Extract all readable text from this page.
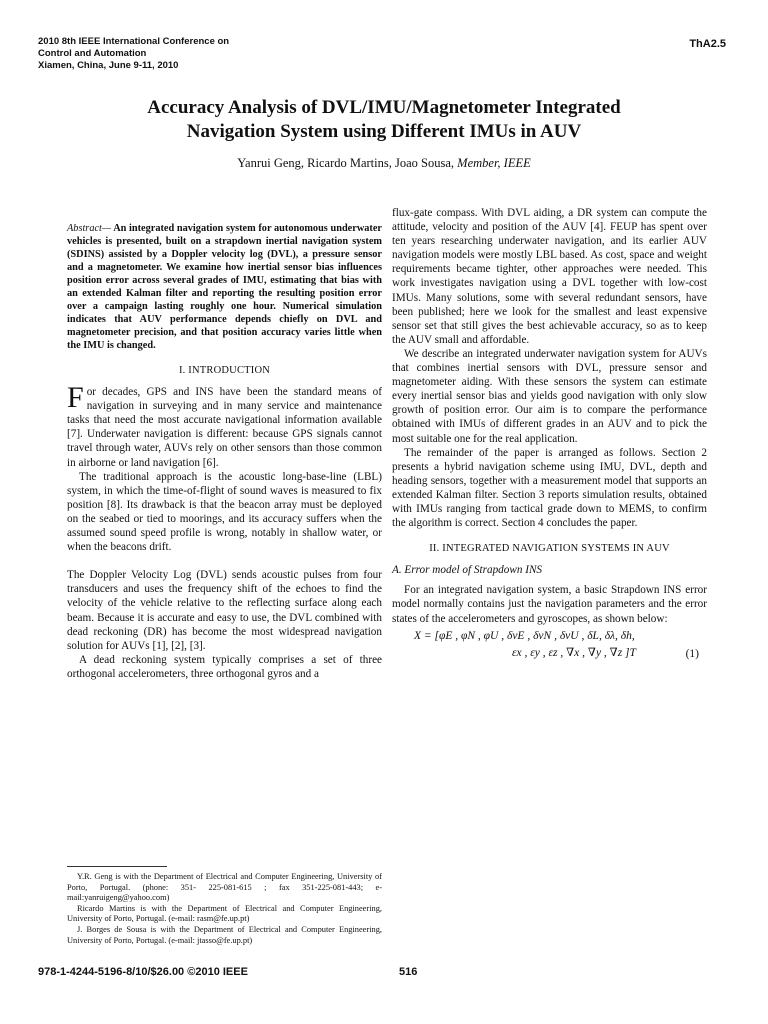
2010 8th IEEE International Conference on
Control and Automation
Xiamen, China, June 9-11, 2010
ThA2.5
Accuracy Analysis of DVL/IMU/Magnetometer Integrated
Navigation System using Different IMUs in AUV
Yanrui Geng, Ricardo Martins, Joao Sousa, Member, IEEE
Abstract— An integrated navigation system for autonomous underwater vehicles is presented, built on a strapdown inertial navigation system (SDINS) assisted by a Doppler velocity log (DVL), a pressure sensor and a magnetometer. We examine how inertial sensor bias influences position error across several grades of IMU, estimating that bias with an extended Kalman filter and reporting the resulting position error over a campaign lasting roughly one hour. Numerical simulation indicates that AUV performance depends chiefly on DVL and magnetometer precision, and that position accuracy varies little when the IMU is changed.
I. INTRODUCTION
F or decades, GPS and INS have been the standard means of navigation in surveying and in many service and maintenance tasks that need the most accurate navigational information available [7]. Underwater navigation is different: because GPS signals cannot travel through water, AUVs rely on other sensors than those common in airborne or land navigation [6].

The traditional approach is the acoustic long-base-line (LBL) system, in which the time-of-flight of sound waves is measured to fix position [8]. Its drawback is that the beacon array must be deployed on the seabed or tied to moorings, and its accuracy suffers when the assumed sound speed profile is wrong, notably in shallow water, or when the beacons drift.

The Doppler Velocity Log (DVL) sends acoustic pulses from four transducers and uses the frequency shift of the echoes to find the velocity of the vehicle relative to the reflecting surface along each beam. Because it is accurate and easy to use, the DVL combined with dead reckoning (DR) has become the most widespread navigation solution for AUVs [1], [2], [3].

A dead reckoning system typically comprises a set of three orthogonal accelerometers, three orthogonal gyros and a

Y.R. Geng is with the Department of Electrical and Computer Engineering, University of Porto, Portugal. (phone: 351- 225-081-615 ; fax 351-225-081-443; e-mail:yanruigeng@yahoo.com)

Ricardo Martins is with the Department of Electrical and Computer Engineering, University of Porto, Portugal. (e-mail: rasm@fe.up.pt)

J. Borges de Sousa is with the Department of Electrical and Computer Engineering, University of Porto, Portugal. (e-mail: jtasso@fe.up.pt)

flux-gate compass. With DVL aiding, a DR system can compute the attitude, velocity and position of the AUV [4]. FEUP has spent over ten years researching underwater navigation, and its earlier AUV navigation models were mostly LBL based. As cost, space and weight requirements became tighter, other approaches were needed. This work investigates navigation using a DVL together with low-cost IMUs. Many solutions, some with several redundant sensors, have been published; here we look for the smallest and least expensive sensor set that still gives the best achievable accuracy, so as to keep the AUV small and affordable.

We describe an integrated underwater navigation system for AUVs that combines inertial sensors with DVL, pressure sensor and magnetometer aiding. With these sensors the system can estimate every inertial sensor bias and yields good navigation with only slow growth of position error. Our aim is to compare the performance obtained with IMUs of different grades in an AUV and to pick the most suitable one for the real application.

The remainder of the paper is arranged as follows. Section 2 presents a hybrid navigation scheme using IMU, DVL, depth and heading sensors, together with a measurement model that supports an extended Kalman filter. Section 3 reports simulation results, obtained with IMUs ranging from tactical grade down to MEMS, to confirm the algorithm is correct. Section 4 concludes the paper.

II. INTEGRATED NAVIGATION SYSTEMS IN AUV
A. Error model of Strapdown INS

For an integrated navigation system, a basic Strapdown INS error model normally contains just the navigation parameters and the error states of the accelerometers and gyroscopes, as shown below:

X = [φE , φN , φU , δvE , δvN , δvU , δL, δλ, δh,
εx , εy , εz , ∇x , ∇y , ∇z ]T	(1)
978-1-4244-5196-8/10/$26.00 ©2010 IEEE	516
